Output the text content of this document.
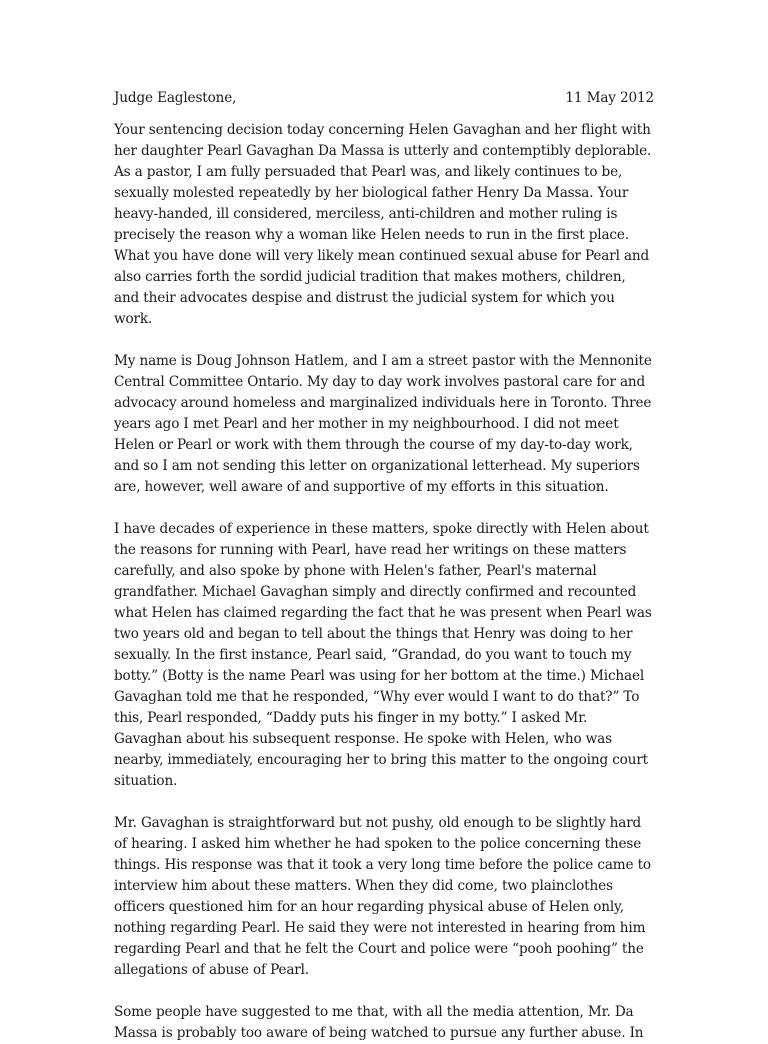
Judge Eaglestone,	11 May 2012

Your sentencing decision today concerning Helen Gavaghan and her flight with her daughter Pearl Gavaghan Da Massa is utterly and contemptibly deplorable. As a pastor, I am fully persuaded that Pearl was, and likely continues to be, sexually molested repeatedly by her biological father Henry Da Massa. Your heavy-handed, ill considered, merciless, anti-children and mother ruling is precisely the reason why a woman like Helen needs to run in the first place. What you have done will very likely mean continued sexual abuse for Pearl and also carries forth the sordid judicial tradition that makes mothers, children, and their advocates despise and distrust the judicial system for which you work.

My name is Doug Johnson Hatlem, and I am a street pastor with the Mennonite Central Committee Ontario. My day to day work involves pastoral care for and advocacy around homeless and marginalized individuals here in Toronto. Three years ago I met Pearl and her mother in my neighbourhood. I did not meet Helen or Pearl or work with them through the course of my day-to-day work, and so I am not sending this letter on organizational letterhead. My superiors are, however, well aware of and supportive of my efforts in this situation.

I have decades of experience in these matters, spoke directly with Helen about the reasons for running with Pearl, have read her writings on these matters carefully, and also spoke by phone with Helen's father, Pearl's maternal grandfather. Michael Gavaghan simply and directly confirmed and recounted what Helen has claimed regarding the fact that he was present when Pearl was two years old and began to tell about the things that Henry was doing to her sexually. In the first instance, Pearl said, “Grandad, do you want to touch my botty.” (Botty is the name Pearl was using for her bottom at the time.) Michael Gavaghan told me that he responded, “Why ever would I want to do that?” To this, Pearl responded, “Daddy puts his finger in my botty.” I asked Mr. Gavaghan about his subsequent response. He spoke with Helen, who was nearby, immediately, encouraging her to bring this matter to the ongoing court situation.

Mr. Gavaghan is straightforward but not pushy, old enough to be slightly hard of hearing. I asked him whether he had spoken to the police concerning these things. His response was that it took a very long time before the police came to interview him about these matters. When they did come, two plainclothes officers questioned him for an hour regarding physical abuse of Helen only, nothing regarding Pearl. He said they were not interested in hearing from him regarding Pearl and that he felt the Court and police were “pooh poohing” the allegations of abuse of Pearl.

Some people have suggested to me that, with all the media attention, Mr. Da Massa is probably too aware of being watched to pursue any further abuse. In
